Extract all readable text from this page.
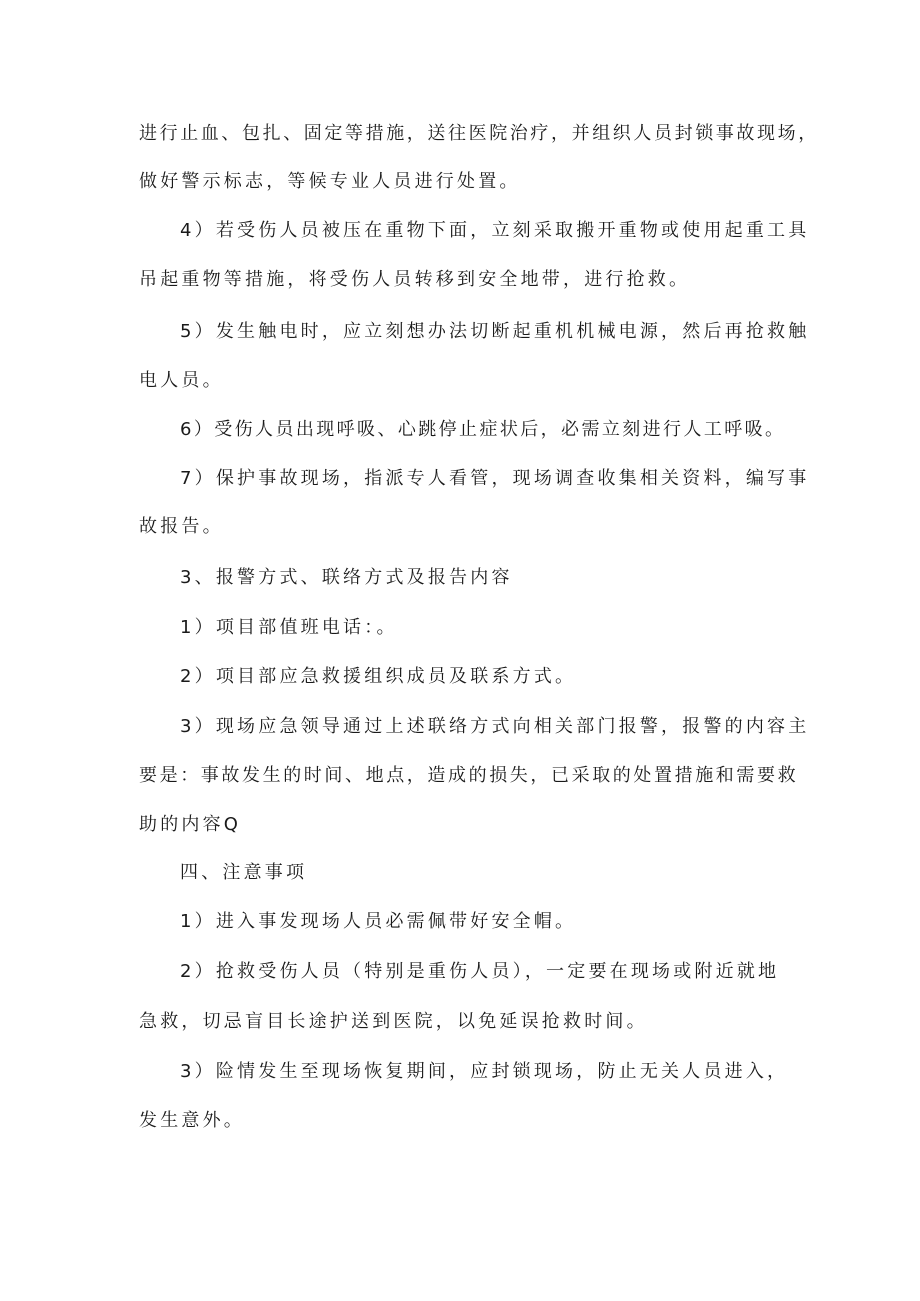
进行止血、包扎、固定等措施，送往医院治疗，并组织人员封锁事故现场，
做好警示标志，等候专业人员进行处置。
4）若受伤人员被压在重物下面，立刻采取搬开重物或使用起重工具
吊起重物等措施，将受伤人员转移到安全地带，进行抢救。
5）发生触电时，应立刻想办法切断起重机机械电源，然后再抢救触
电人员。
6）受伤人员出现呼吸、心跳停止症状后，必需立刻进行人工呼吸。
7）保护事故现场，指派专人看管，现场调查收集相关资料，编写事
故报告。
3、报警方式、联络方式及报告内容
1）项目部值班电话：。
2）项目部应急救援组织成员及联系方式。
3）现场应急领导通过上述联络方式向相关部门报警，报警的内容主
要是：事故发生的时间、地点，造成的损失，已采取的处置措施和需要救
助的内容Q
四、注意事项
1）进入事发现场人员必需佩带好安全帽。
2）抢救受伤人员（特别是重伤人员），一定要在现场或附近就地
急救，切忌盲目长途护送到医院，以免延误抢救时间。
3）险情发生至现场恢复期间，应封锁现场，防止无关人员进入，
发生意外。
